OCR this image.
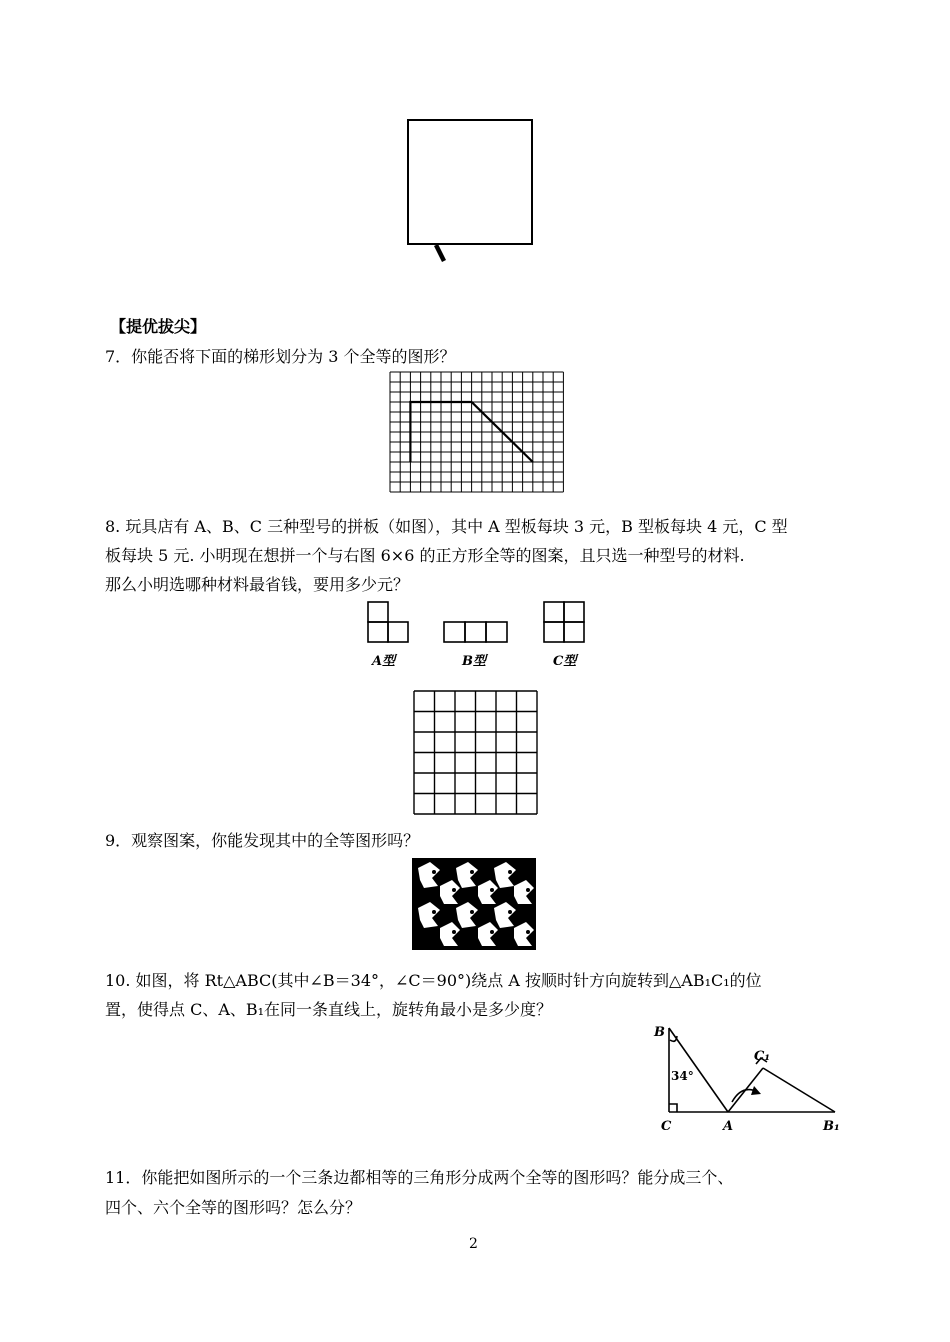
【提优拔尖】
7．你能否将下面的梯形划分为 3 个全等的图形？
8. 玩具店有 A、B、C 三种型号的拼板（如图），其中 A 型板每块 3 元，B 型板每块 4 元，C 型
板每块 5 元. 小明现在想拼一个与右图 6×6 的正方形全等的图案，且只选一种型号的材料.
那么小明选哪种材料最省钱，要用多少元？
A型	B型	C型
9．观察图案，你能发现其中的全等图形吗？
10. 如图，将 Rt△ABC(其中∠B＝34°，∠C＝90°)绕点 A 按顺时针方向旋转到△AB₁C₁的位
置，使得点 C、A、B₁在同一条直线上，旋转角最小是多少度？
B
34°
C₁
C	A	B₁
11．你能把如图所示的一个三条边都相等的三角形分成两个全等的图形吗？能分成三个、
四个、六个全等的图形吗？怎么分？
2
